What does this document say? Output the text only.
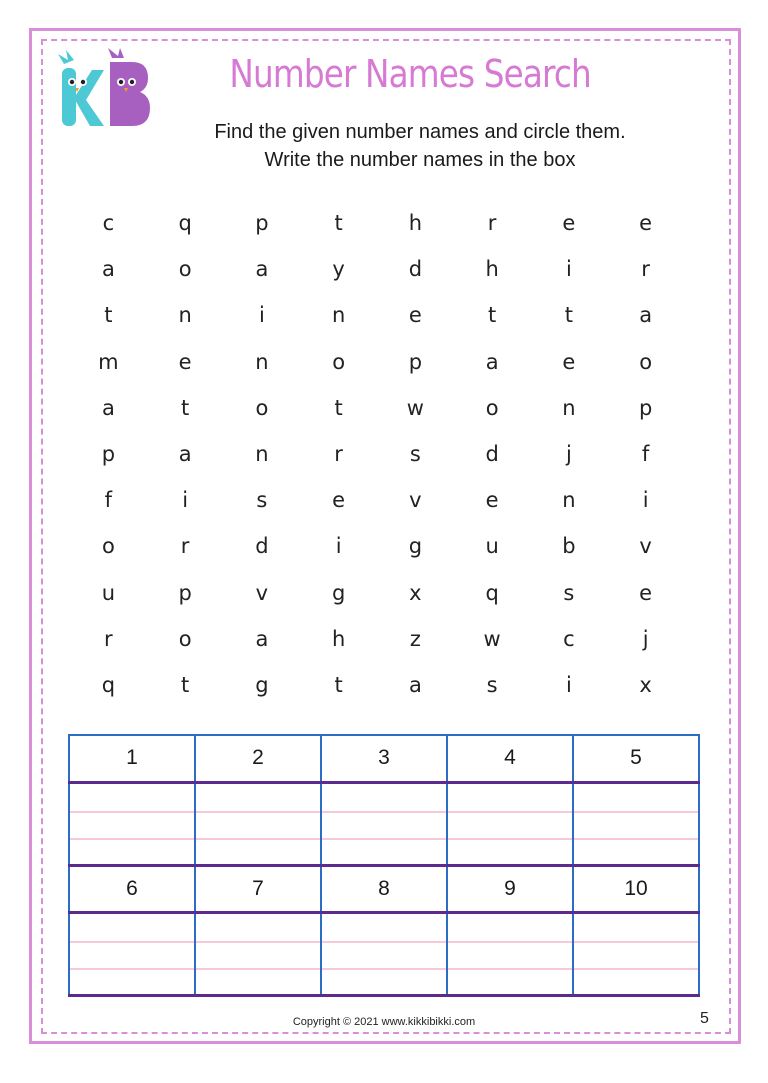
Number Names Search
Find the given number names and circle them.
Write the number names in the box
c	q	p	t	h	r	e	e
a	o	a	y	d	h	i	r
t	n	i	n	e	t	t	a
m	e	n	o	p	a	e	o
a	t	o	t	w	o	n	p
p	a	n	r	s	d	j	f
f	i	s	e	v	e	n	i
o	r	d	i	g	u	b	v
u	p	v	g	x	q	s	e
r	o	a	h	z	w	c	j
q	t	g	t	a	s	i	x
1	2	3	4	5

6	7	8	9	10

Copyright © 2021 www.kikkibikki.com	5
